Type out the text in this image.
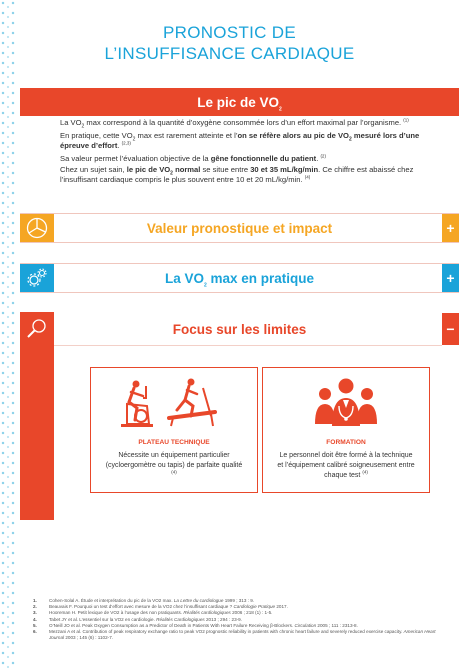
PRONOSTIC DE
L’INSUFFISANCE CARDIAQUE
Le pic de $VO_2$

La $VO_2$ max correspond à la quantité d’oxygène consommée lors d’un effort maximal par l’organisme. $^{(1)}$

En pratique, cette $VO_2$ max est rarement atteinte et l’on se réfère alors au pic de $VO_2$ mesuré lors d’une épreuve d’effort. $^{(2,3)}$

Sa valeur permet l’évaluation objective de la gêne fonctionnelle du patient. $^{(2)}$

Chez un sujet sain, le pic de $VO_2$ normal se situe entre 30 et 35 mL/kg/min. Ce chiffre est abaissé chez l’insuffisant cardiaque compris le plus souvent entre 10 et 20 mL/kg/min. $^{(4)}$

Valeur pronostique et impact	+
La $VO_2$ max en pratique	+
Focus sur les limites	−
PLATEAU TECHNIQUE
Nécessite un équipement particulier (cycloergomètre ou tapis) de parfaite qualité $^{(4)}$
FORMATION
Le personnel doit être formé à la technique et l’équipement calibré soigneusement entre chaque test $^{(4)}$
1.	Cohen-Solal A. Étude et interprétation du pic de la VO2 max. La Lettre du cardiologue 1999 ; 313 : 9.
2.	Beauvais F. Pourquoi un test d’effort avec mesure de la VO2 chez l’insuffisant cardiaque ? Cardiologie Pratique 2017.
3.	Hooreman H. Petit lexique de VO2 à l’usage des non pratiquants. Réalités cardiologiques 2006 ; 218 (1) : 1-5.
4.	Tabet JY et al. L’essentiel sur la VO2 en cardiologie. Réalités Cardiologiques 2013 ; 294 : 23-9.
5.	O’Neill JO et al. Peak Oxygen Consumption as a Predictor of Death in Patients With Heart Failure Receiving β-Blockers. Circulation 2005 ; 111 : 2313-8.
6.	Mezzani A et al. Contribution of peak respiratory exchange ratio to peak VO2 prognostic reliability in patients with chronic heart failure and severely reduced exercise capacity. American Heart Journal 2003 ; 145 (6) : 1102-7.
